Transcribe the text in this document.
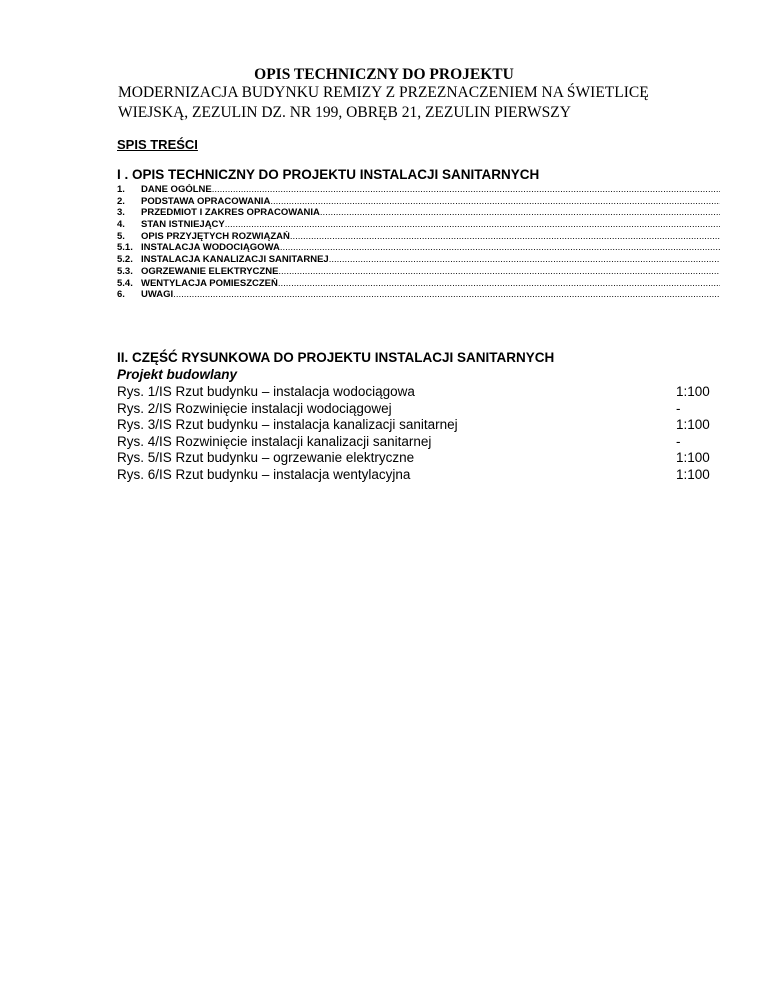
OPIS TECHNICZNY DO PROJEKTU
MODERNIZACJA BUDYNKU REMIZY Z PRZEZNACZENIEM NA ŚWIETLICĘ
WIEJSKĄ, ZEZULIN DZ. NR 199, OBRĘB 21, ZEZULIN PIERWSZY
SPIS TREŚCI
I . OPIS TECHNICZNY DO PROJEKTU INSTALACJI SANITARNYCH
1.	DANE OGÓLNE
.....
2.	PODSTAWA OPRACOWANIA
.....
3.	PRZEDMIOT I ZAKRES OPRACOWANIA
.....
4.	STAN ISTNIEJĄCY
.....
5.	OPIS PRZYJĘTYCH ROZWIĄZAŃ
.....
5.1. INSTALACJA WODOCIĄGOWA
.....
5.2. INSTALACJA KANALIZACJI SANITARNEJ
.....
5.3. OGRZEWANIE ELEKTRYCZNE
.....
5.4. WENTYLACJA POMIESZCZEŃ
.....
6.	UWAGI
.....
II. CZĘŚĆ RYSUNKOWA DO PROJEKTU INSTALACJI SANITARNYCH
Projekt budowlany
Rys. 1/IS Rzut budynku – instalacja wodociągowa	1:100
Rys. 2/IS Rozwinięcie instalacji wodociągowej	-
Rys. 3/IS Rzut budynku – instalacja kanalizacji sanitarnej	1:100
Rys. 4/IS Rozwinięcie instalacji kanalizacji sanitarnej	-
Rys. 5/IS Rzut budynku – ogrzewanie elektryczne	1:100
Rys. 6/IS Rzut budynku – instalacja wentylacyjna	1:100
